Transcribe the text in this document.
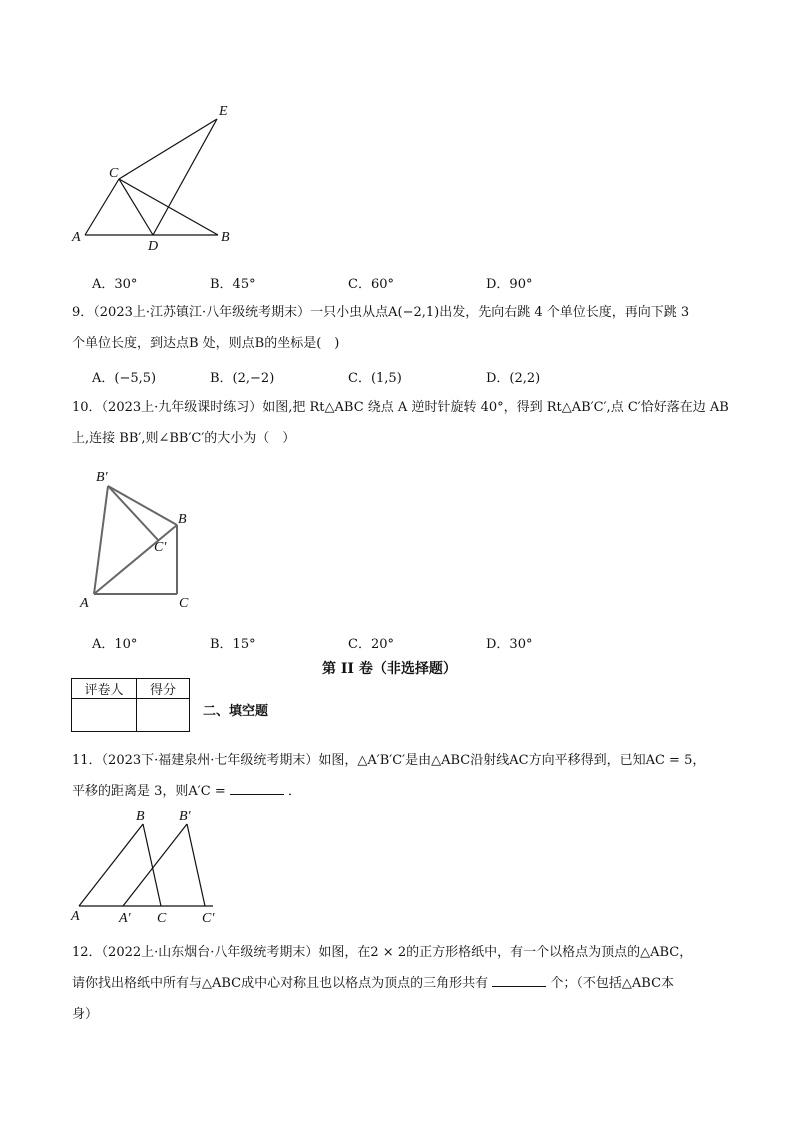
E
C
A
D
B
A．30°	B．45°	C．60°	D．90°
9．（2023上·江苏镇江·八年级统考期末）一只小虫从点A(−2,1)出发，先向右跳 4 个单位长度，再向下跳 3
个单位长度，到达点B 处，则点B的坐标是(　)
A．(−5,5)	B．(2,−2)	C．(1,5)	D．(2,2)
10．（2023上·九年级课时练习）如图,把 Rt△ABC 绕点 A 逆时针旋转 40°，得到 Rt△AB′C′,点 C′恰好落在边 AB
上,连接 BB′,则∠BB′C′的大小为（　）
B′
B
C′
A	C
A．10°	B．15°	C．20°	D．30°
第 II 卷（非选择题）
评卷人	得分

二、填空题
11．（2023下·福建泉州·七年级统考期末）如图，△A′B′C′是由△ABC沿射线AC方向平移得到，已知AC = 5，
平移的距离是 3，则A′C =	．
B B′
A	A′ C	C′
12．（2022上·山东烟台·八年级统考期末）如图，在2 × 2的正方形格纸中，有一个以格点为顶点的△ABC，
请你找出格纸中所有与△ABC成中心对称且也以格点为顶点的三角形共有	个；（不包括△ABC本
身）
